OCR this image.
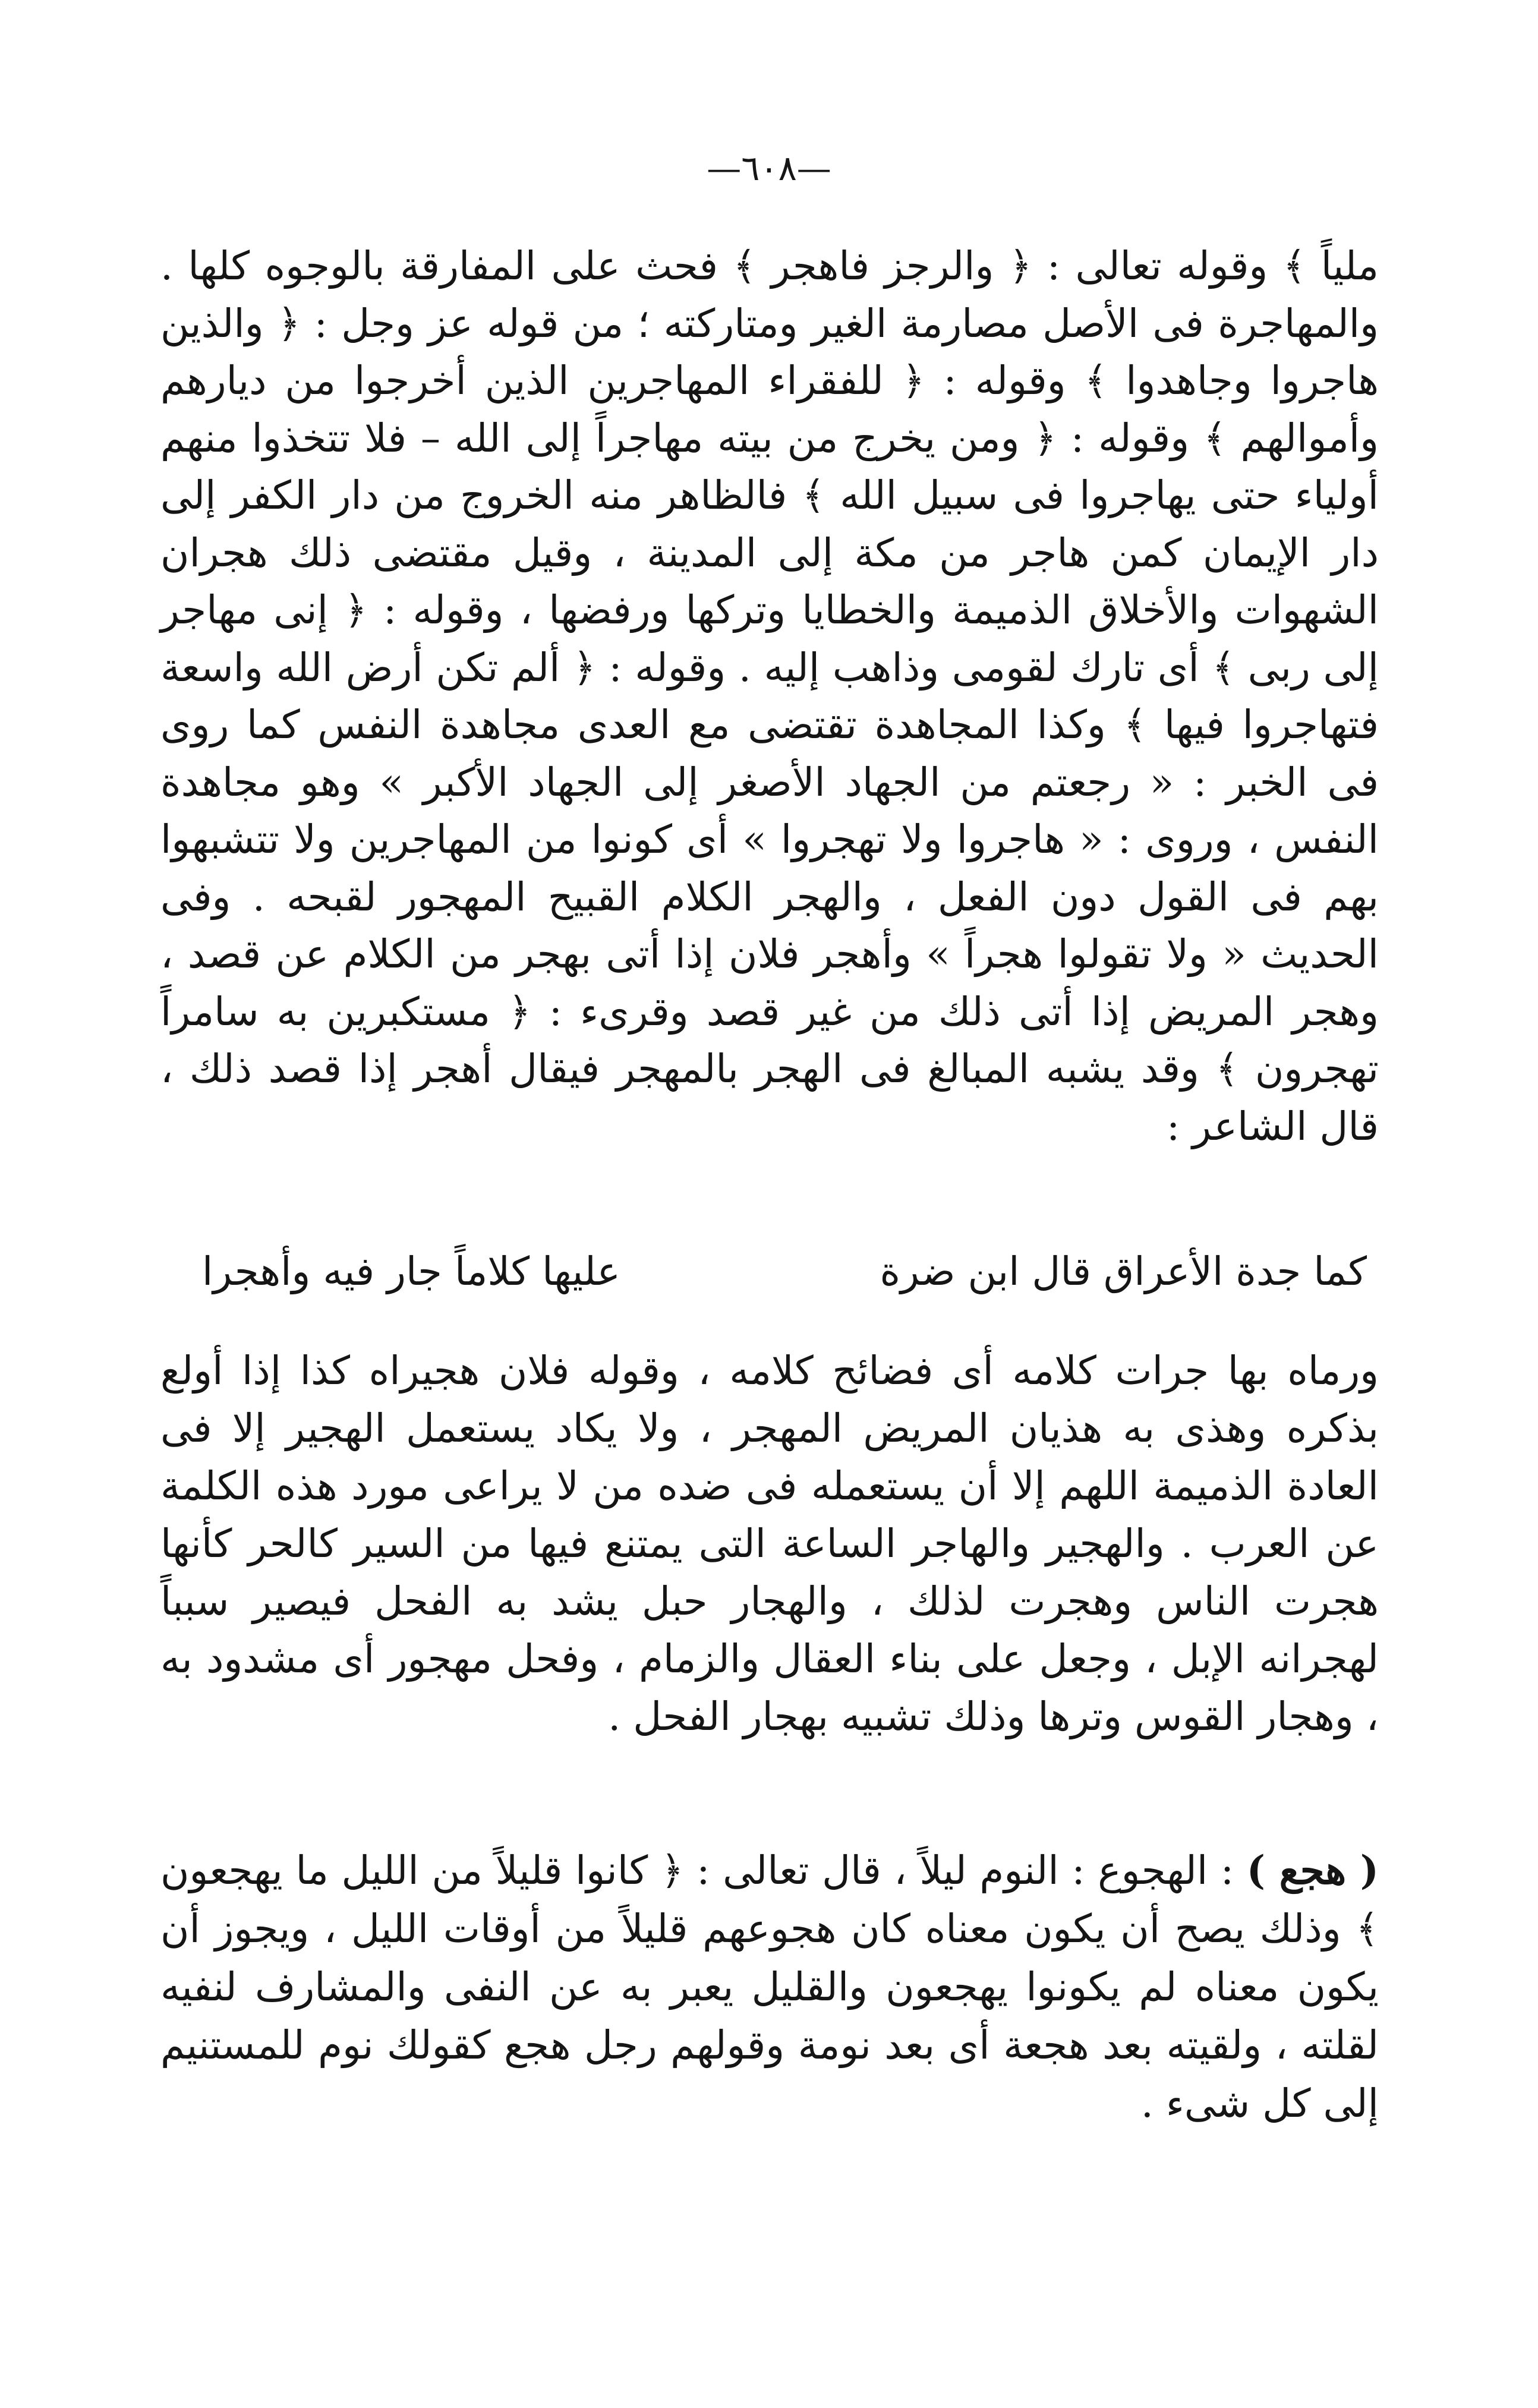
—٦٠٨—

ملياً ﴾ وقوله تعالى : ﴿ والرجز فاهجر ﴾ فحث على المفارقة بالوجوه كلها . والمهاجرة فى الأصل مصارمة الغير ومتاركته ؛ من قوله عز وجل : ﴿ والذين هاجروا وجاهدوا ﴾ وقوله : ﴿ للفقراء المهاجرين الذين أخرجوا من ديارهم وأموالهم ﴾ وقوله : ﴿ ومن يخرج من بيته مهاجراً إلى الله – فلا تتخذوا منهم أولياء حتى يهاجروا فى سبيل الله ﴾ فالظاهر منه الخروج من دار الكفر إلى دار الإيمان كمن هاجر من مكة إلى المدينة ، وقيل مقتضى ذلك هجران الشهوات والأخلاق الذميمة والخطايا وتركها ورفضها ، وقوله : ﴿ إنى مهاجر إلى ربى ﴾ أى تارك لقومى وذاهب إليه . وقوله : ﴿ ألم تكن أرض الله واسعة فتهاجروا فيها ﴾ وكذا المجاهدة تقتضى مع العدى مجاهدة النفس كما روى فى الخبر : « رجعتم من الجهاد الأصغر إلى الجهاد الأكبر » وهو مجاهدة النفس ، وروى : « هاجروا ولا تهجروا » أى كونوا من المهاجرين ولا تتشبهوا بهم فى القول دون الفعل ، والهجر الكلام القبيح المهجور لقبحه . وفى الحديث « ولا تقولوا هجراً » وأهجر فلان إذا أتى بهجر من الكلام عن قصد ، وهجر المريض إذا أتى ذلك من غير قصد وقرىء : ﴿ مستكبرين به سامراً تهجرون ﴾ وقد يشبه المبالغ فى الهجر بالمهجر فيقال أهجر إذا قصد ذلك ، قال الشاعر :

كما جدة الأعراق قال ابن ضرة
عليها كلاماً جار فيه وأهجرا

ورماه بها جرات كلامه أى فضائح كلامه ، وقوله فلان هجيراه كذا إذا أولع بذكره وهذى به هذيان المريض المهجر ، ولا يكاد يستعمل الهجير إلا فى العادة الذميمة اللهم إلا أن يستعمله فى ضده من لا يراعى مورد هذه الكلمة عن العرب . والهجير والهاجر الساعة التى يمتنع فيها من السير كالحر كأنها هجرت الناس وهجرت لذلك ، والهجار حبل يشد به الفحل فيصير سبباً لهجرانه الإبل ، وجعل على بناء العقال والزمام ، وفحل مهجور أى مشدود به ، وهجار القوس وترها وذلك تشبيه بهجار الفحل .

( هجع ) : الهجوع : النوم ليلاً ، قال تعالى : ﴿ كانوا قليلاً من الليل ما يهجعون ﴾ وذلك يصح أن يكون معناه كان هجوعهم قليلاً من أوقات الليل ، ويجوز أن يكون معناه لم يكونوا يهجعون والقليل يعبر به عن النفى والمشارف لنفيه لقلته ، ولقيته بعد هجعة أى بعد نومة وقولهم رجل هجع كقولك نوم للمستنيم إلى كل شىء .
